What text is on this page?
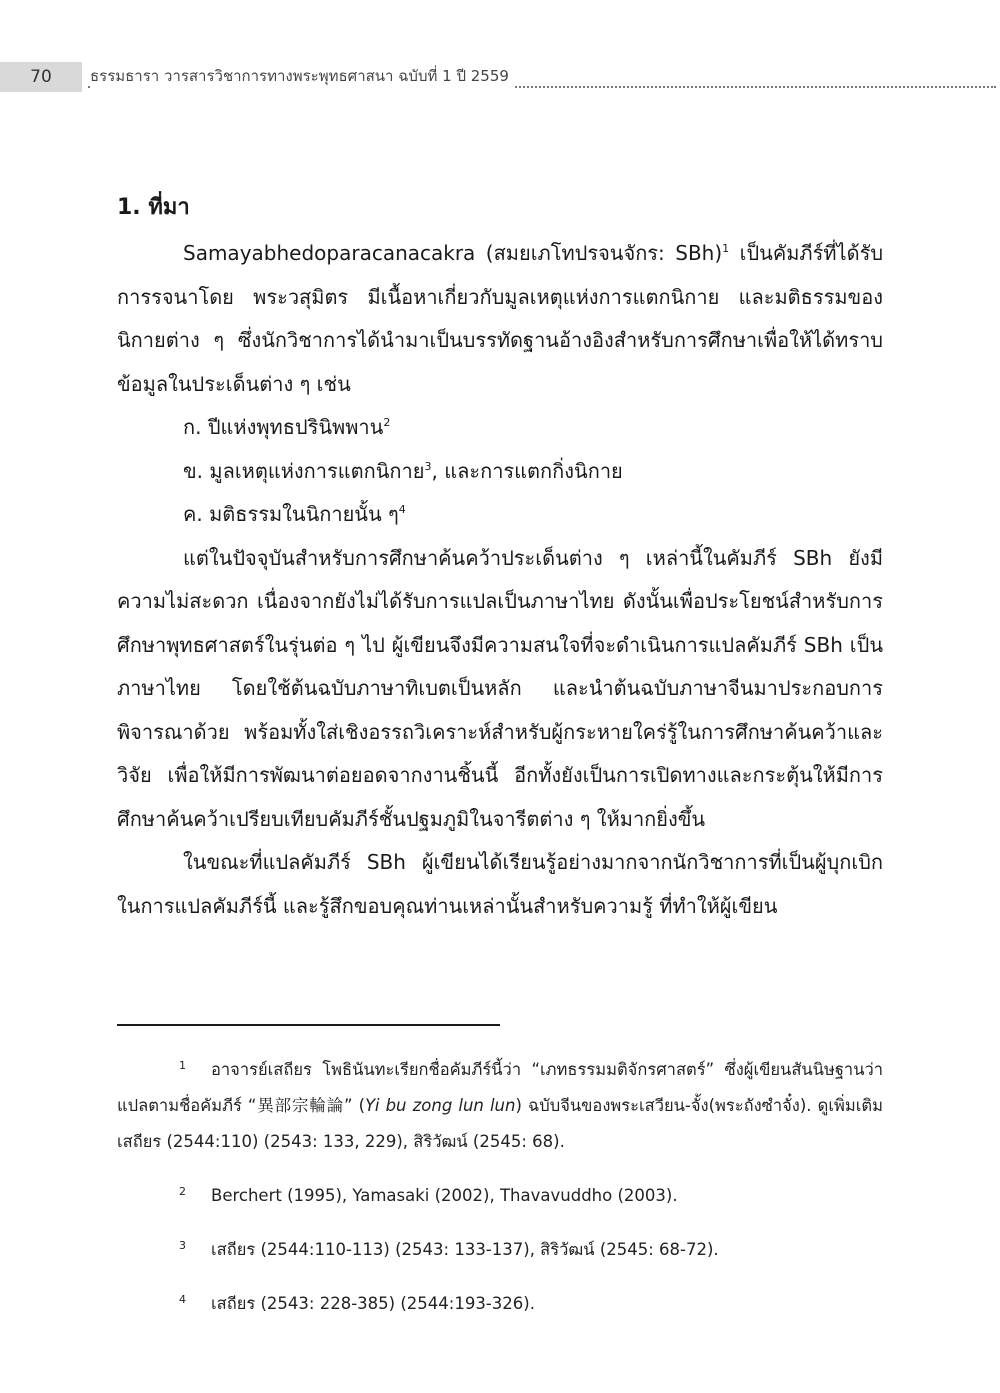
70	ธรรมธารา วารสารวิชาการทางพระพุทธศาสนา ฉบับที่ 1 ปี 2559
1. ที่มา

Samayabhedoparacanacakra (สมยเภโทปรจนจักร: SBh)$^1$ เป็นคัมภีร์ที่ได้รับการรจนาโดย พระวสุมิตร มีเนื้อหาเกี่ยวกับมูลเหตุแห่งการแตกนิกาย และมติธรรมของนิกายต่าง ๆ ซึ่งนักวิชาการได้นำมาเป็นบรรทัดฐานอ้างอิงสำหรับการศึกษาเพื่อให้ได้ทราบข้อมูลในประเด็นต่าง ๆ เช่น

ก. ปีแห่งพุทธปรินิพพาน$^2$

ข. มูลเหตุแห่งการแตกนิกาย$^3$, และการแตกกิ่งนิกาย

ค. มติธรรมในนิกายนั้น ๆ$^4$

แต่ในปัจจุบันสำหรับการศึกษาค้นคว้าประเด็นต่าง ๆ เหล่านี้ในคัมภีร์ SBh ยังมีความไม่สะดวก เนื่องจากยังไม่ได้รับการแปลเป็นภาษาไทย ดังนั้นเพื่อประโยชน์สำหรับการศึกษาพุทธศาสตร์ในรุ่นต่อ ๆ ไป ผู้เขียนจึงมีความสนใจที่จะดำเนินการแปลคัมภีร์ SBh เป็นภาษาไทย โดยใช้ต้นฉบับภาษาทิเบตเป็นหลัก และนำต้นฉบับภาษาจีนมาประกอบการพิจารณาด้วย พร้อมทั้งใส่เชิงอรรถวิเคราะห์สำหรับผู้กระหายใคร่รู้ในการศึกษาค้นคว้าและวิจัย เพื่อให้มีการพัฒนาต่อยอดจากงานชิ้นนี้ อีกทั้งยังเป็นการเปิดทางและกระตุ้นให้มีการศึกษาค้นคว้าเปรียบเทียบคัมภีร์ชั้นปฐมภูมิในจารีตต่าง ๆ ให้มากยิ่งขึ้น

ในขณะที่แปลคัมภีร์ SBh ผู้เขียนได้เรียนรู้อย่างมากจากนักวิชาการที่เป็นผู้บุกเบิกในการแปลคัมภีร์นี้ และรู้สึกขอบคุณท่านเหล่านั้นสำหรับความรู้ ที่ทำให้ผู้เขียน

1 อาจารย์เสถียร โพธินันทะเรียกชื่อคัมภีร์นี้ว่า “เภทธรรมมติจักรศาสตร์” ซึ่งผู้เขียนสันนิษฐานว่า แปลตามชื่อคัมภีร์ “異部宗輪論” (Yi bu zong lun lun) ฉบับจีนของพระเสวียน-จั้ง(พระถังซำจั๋ง). ดูเพิ่มเติม เสถียร (2544:110) (2543: 133, 229), สิริวัฒน์ (2545: 68).

2 Berchert (1995), Yamasaki (2002), Thavavuddho (2003).

3 เสถียร (2544:110-113) (2543: 133-137), สิริวัฒน์ (2545: 68-72).

4 เสถียร (2543: 228-385) (2544:193-326).
